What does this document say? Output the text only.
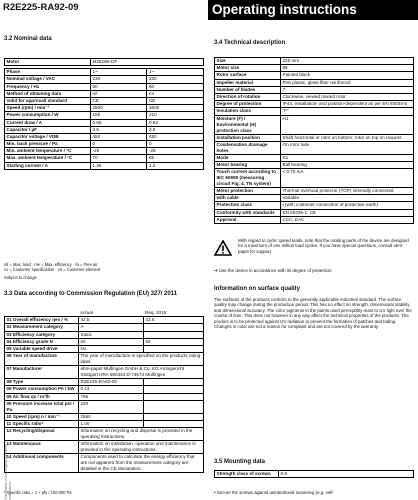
R2E225-RA92-09	Operating instructions
3.2 Nominal data
Motor	M2E068-DF	

Phase	1~	1~
Nominal voltage / VAC	230	230
Frequency / Hz	50	60
Method of obtaining data	ml	ml
Valid for approval/ standard	CE	CE
Speed (rpm) / min⁻¹	2500	2600
Power consumption / W	155	210
Current draw / A	0.68	0.92
Capacitor / µF	3.5	3.5
Capacitor voltage / VDB	450	450
Min. back pressure / Pa	0	0
Min. ambient temperature / °C	-25	-25
Max. ambient temperature / °C	70	65
Starting current / A	1.25	1.2
ml = Max. load · me = Max. efficiency · fa = Free air
cs = Customer specification · ce = Customer element
Subject to change
3.3 Data according to Commission Regulation (EU) 327/ 2011
	Actual	Req. 2015
01 Overall efficiency ηes / %	42.5	42.5
02 Measurement category	A	
03 Efficiency category	Static	
04 Efficiency grade N	62	62
05 Variable speed drive	No	
06 Year of manufacture	The year of manufacture is specified on the products rating label.	
07 Manufacturer	ebm-papst Mulfingen GmbH & Co. KG Amtsgericht Stuttgart HRA 590344 D-74673 Mulfingen	
08 Type	R2E225-RA92-09	
09 Power consumption Pe / kW	0.14	
09 Air flow qv / m³/h	795	
09 Pressure increase total pst / Pa	220	
10 Speed (rpm) n / min⁻¹	2560	
11 Specific ratio*	1.00	
12 Recycling/disposal	Information on recycling and disposal is provided in the operating instructions.	
13 Maintenance	Information on installation, operation and maintenance is provided in the operating instructions.	
14 Additional components	Components used to calculate the energy efficiency that are not apparent from the measurement category are detailed in the CE declaration.	
* Specific ratio = 1 + pfs / 100 000 Pa
3.4 Technical description
Size	225 mm
Motor size	68
Rotor surface	Painted black
Impeller material	PA6 plastic, glass-fiber reinforced
Number of blades	7
Direction of rotation	Clockwise, viewed toward rotor
Degree of protection	IP44; installation- and position-dependent as per EN 60034-5
Insulation class	"F"
Moisture (F) / Environmental (H) protection class	H1
Installation position	Shaft horizontal or rotor on bottom; rotor on top on request
Condensation drainage holes	On rotor side
Mode	S1
Motor bearing	Ball bearing
Touch current according to IEC 60990 (measuring circuit Fig. 4, TN system)	< 0.75 mA
Motor protection	Thermal overload protector (TOP) internally connected
with cable	Variable
Protection class	I (with customer connection of protective earth)
Conformity with standards	EN 60335-1; CE
Approval	CCC, EAC
With regard to cyclic speed loads, note that the rotating parts of the device are designed for a maximum of one million load cycles. If you have special questions, consult ebm-papst for support.
➔ Use the device in accordance with its degree of protection.
Information on surface quality
The surfaces of the products conform to the generally applicable industrial standard. The surface quality may change during the production period. This has no effect on strength, dimensional stability and dimensional accuracy. The color pigments in the paints used perceptibly react to UV light over the course of time. This does not however in any way affect the technical properties of the products. The product is to be protected against UV radiation to prevent the formation of patches and fading. Changes in color are not a reason for complaint and are not covered by the warranty.
3.5 Mounting data
Strength class of screws	8.8
• Secure the screws against unintentional loosening (e.g. self-
Translation of the original operating instructions
